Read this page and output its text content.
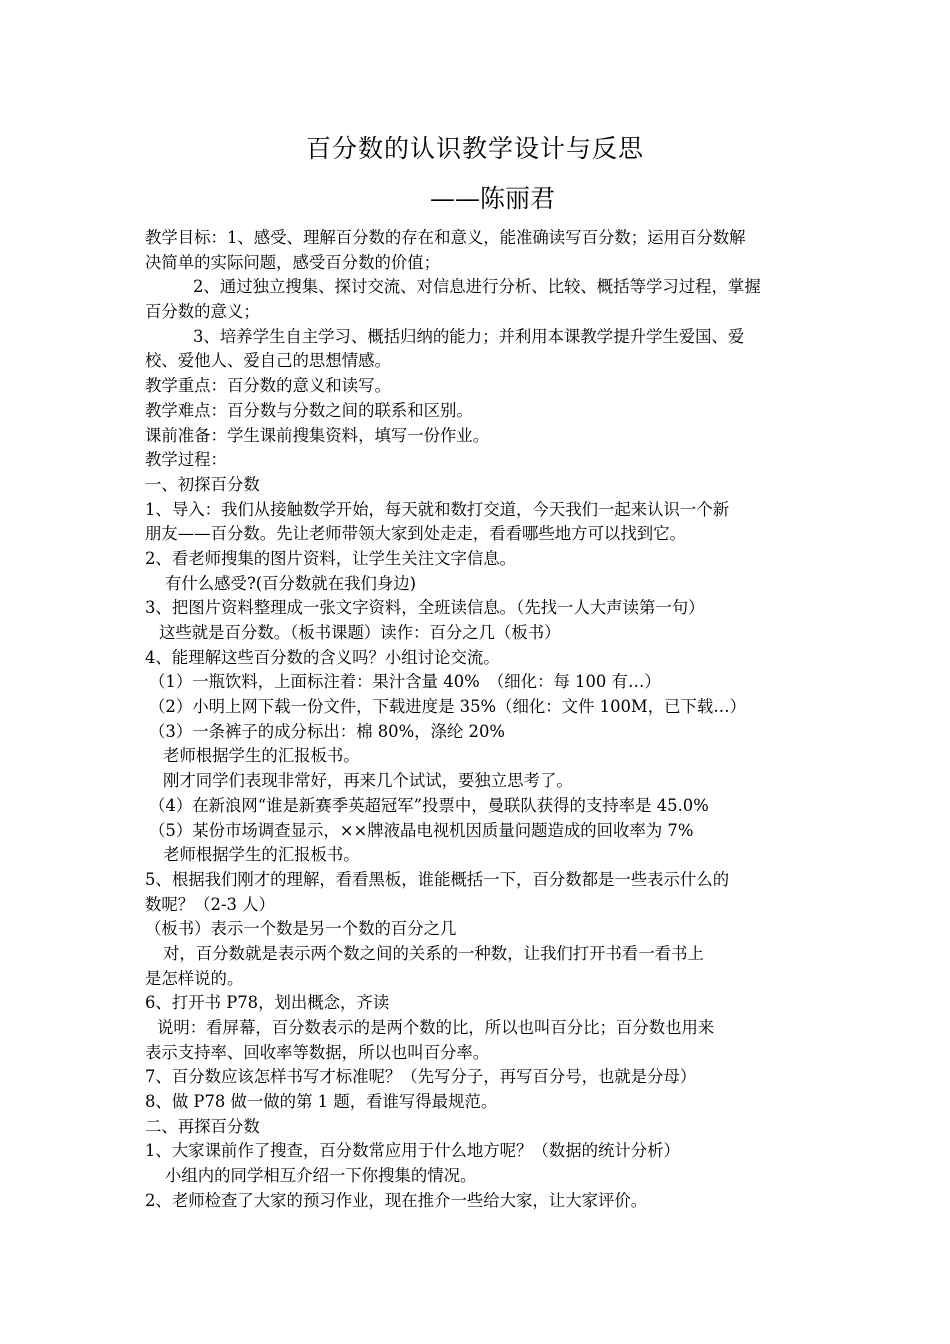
百分数的认识教学设计与反思
——陈丽君
教学目标：1、感受、理解百分数的存在和意义，能准确读写百分数；运用百分数解
决简单的实际问题，感受百分数的价值；
2、通过独立搜集、探讨交流、对信息进行分析、比较、概括等学习过程，掌握
百分数的意义；
3、培养学生自主学习、概括归纳的能力；并利用本课教学提升学生爱国、爱
校、爱他人、爱自己的思想情感。
教学重点：百分数的意义和读写。
教学难点：百分数与分数之间的联系和区别。
课前准备：学生课前搜集资料，填写一份作业。
教学过程：
一、初探百分数
1、导入：我们从接触数学开始，每天就和数打交道，今天我们一起来认识一个新
朋友——百分数。先让老师带领大家到处走走，看看哪些地方可以找到它。
2、看老师搜集的图片资料，让学生关注文字信息。
有什么感受?(百分数就在我们身边)
3、把图片资料整理成一张文字资料，全班读信息。（先找一人大声读第一句）
这些就是百分数。（板书课题）读作：百分之几（板书）
4、能理解这些百分数的含义吗？小组讨论交流。
（1）一瓶饮料，上面标注着：果汁含量 40%　（细化：每 100 有…）
（2）小明上网下载一份文件，下载进度是 35%（细化：文件 100M，已下载…）
（3）一条裤子的成分标出：棉 80%，涤纶 20%
老师根据学生的汇报板书。
刚才同学们表现非常好，再来几个试试，要独立思考了。
（4）在新浪网“谁是新赛季英超冠军”投票中，曼联队获得的支持率是 45.0%
（5）某份市场调查显示，××牌液晶电视机因质量问题造成的回收率为 7%
老师根据学生的汇报板书。
5、根据我们刚才的理解，看看黑板，谁能概括一下，百分数都是一些表示什么的
数呢？（2-3 人）
（板书）表示一个数是另一个数的百分之几
对，百分数就是表示两个数之间的关系的一种数，让我们打开书看一看书上
是怎样说的。
6、打开书 P78，划出概念，齐读
说明：看屏幕，百分数表示的是两个数的比，所以也叫百分比；百分数也用来
表示支持率、回收率等数据，所以也叫百分率。
7、百分数应该怎样书写才标准呢？（先写分子，再写百分号，也就是分母）
8、做 P78 做一做的第 1 题，看谁写得最规范。
二、再探百分数
1、大家课前作了搜查，百分数常应用于什么地方呢？（数据的统计分析）
小组内的同学相互介绍一下你搜集的情况。
2、老师检查了大家的预习作业，现在推介一些给大家，让大家评价。
